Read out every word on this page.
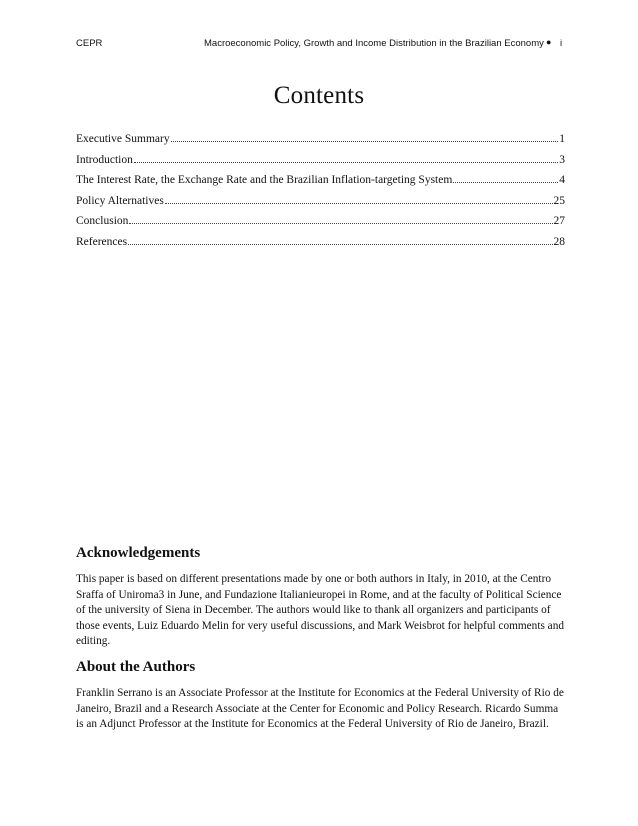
CEPR	Macroeconomic Policy, Growth and Income Distribution in the Brazilian Economy ● i
Contents
Executive Summary	1
Introduction	3
The Interest Rate, the Exchange Rate and the Brazilian Inflation-targeting System	4
Policy Alternatives	25
Conclusion	27
References	28
Acknowledgements

This paper is based on different presentations made by one or both authors in Italy, in 2010, at the Centro Sraffa of Uniroma3 in June, and Fundazione Italianieuropei in Rome, and at the faculty of Political Science of the university of Siena in December. The authors would like to thank all organizers and participants of those events, Luiz Eduardo Melin for very useful discussions, and Mark Weisbrot for helpful comments and editing.

About the Authors

Franklin Serrano is an Associate Professor at the Institute for Economics at the Federal University of Rio de Janeiro, Brazil and a Research Associate at the Center for Economic and Policy Research. Ricardo Summa is an Adjunct Professor at the Institute for Economics at the Federal University of Rio de Janeiro, Brazil.
